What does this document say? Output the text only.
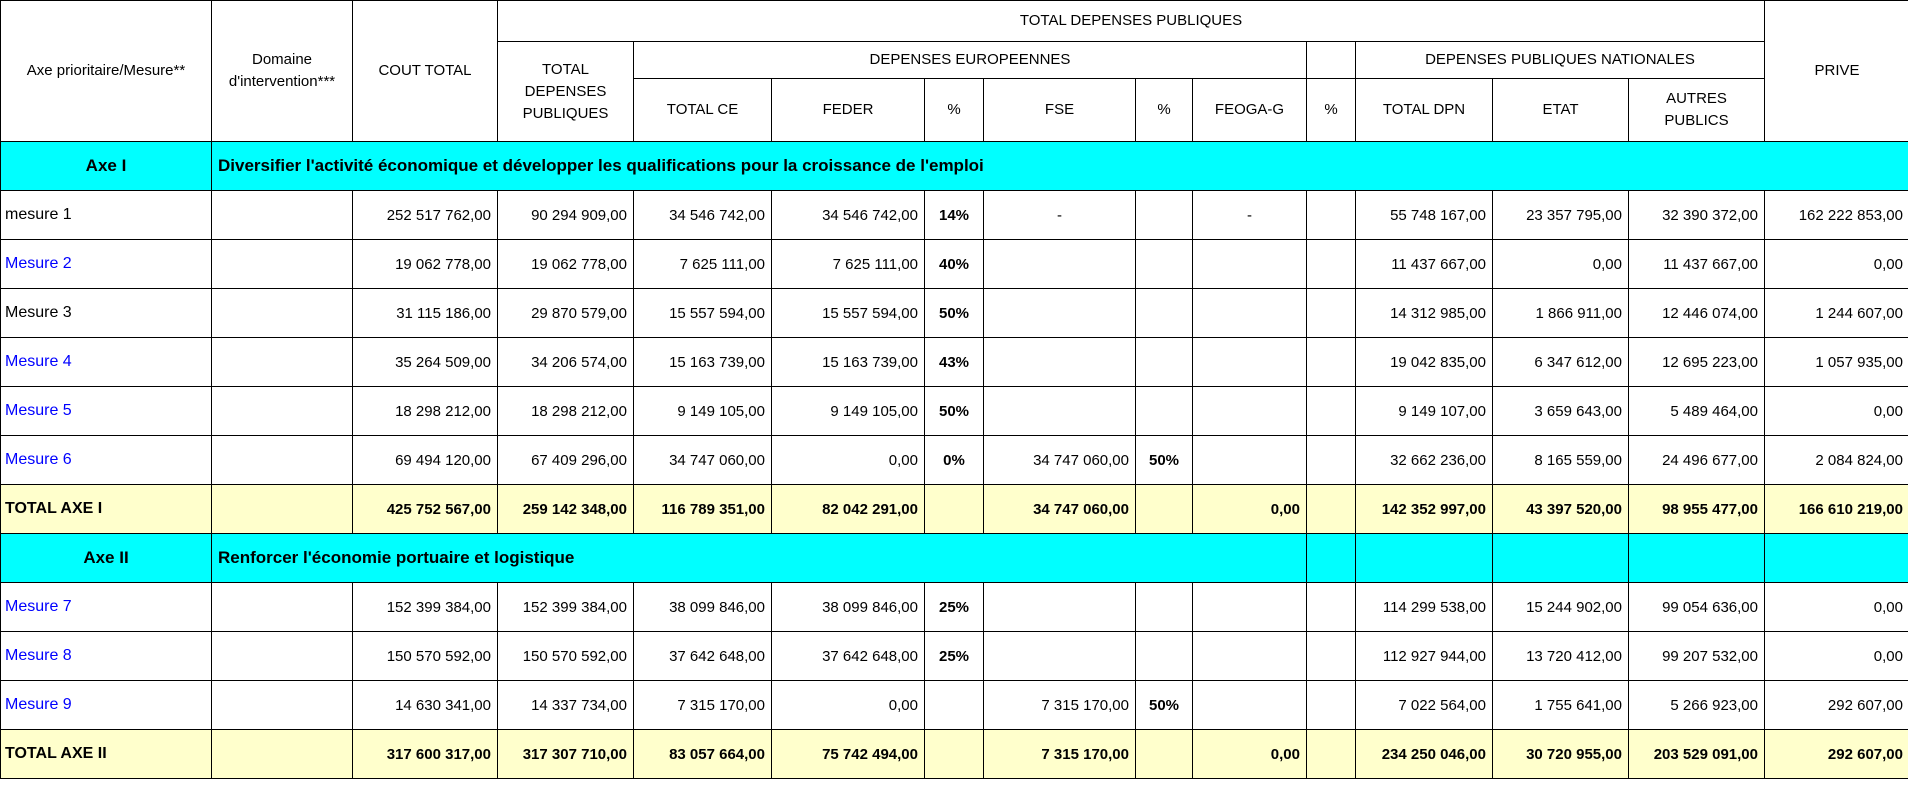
Axe prioritaire/Mesure**	Domaine d'intervention***	COUT TOTAL	TOTAL DEPENSES PUBLIQUES											PRIVE
			TOTAL DEPENSES PUBLIQUES	DEPENSES EUROPEENNES							DEPENSES PUBLIQUES NATIONALES			
				TOTAL CE	FEDER	%	FSE	%	FEOGA-G	%	TOTAL DPN	ETAT	AUTRES PUBLICS	
Axe I	Diversifier l'activité économique et développer les qualifications pour la croissance de l'emploi													
mesure 1		252 517 762,00	90 294 909,00	34 546 742,00	34 546 742,00	14%	-		-		55 748 167,00	23 357 795,00	32 390 372,00	162 222 853,00
Mesure 2		19 062 778,00	19 062 778,00	7 625 111,00	7 625 111,00	40%					11 437 667,00	0,00	11 437 667,00	0,00
Mesure 3		31 115 186,00	29 870 579,00	15 557 594,00	15 557 594,00	50%					14 312 985,00	1 866 911,00	12 446 074,00	1 244 607,00
Mesure 4		35 264 509,00	34 206 574,00	15 163 739,00	15 163 739,00	43%					19 042 835,00	6 347 612,00	12 695 223,00	1 057 935,00
Mesure 5		18 298 212,00	18 298 212,00	9 149 105,00	9 149 105,00	50%					9 149 107,00	3 659 643,00	5 489 464,00	0,00
Mesure 6		69 494 120,00	67 409 296,00	34 747 060,00	0,00	0%	34 747 060,00	50%			32 662 236,00	8 165 559,00	24 496 677,00	2 084 824,00
TOTAL AXE I		425 752 567,00	259 142 348,00	116 789 351,00	82 042 291,00		34 747 060,00		0,00		142 352 997,00	43 397 520,00	98 955 477,00	166 610 219,00
Axe II	Renforcer l'économie portuaire et logistique													
Mesure 7		152 399 384,00	152 399 384,00	38 099 846,00	38 099 846,00	25%					114 299 538,00	15 244 902,00	99 054 636,00	0,00
Mesure 8		150 570 592,00	150 570 592,00	37 642 648,00	37 642 648,00	25%					112 927 944,00	13 720 412,00	99 207 532,00	0,00
Mesure 9		14 630 341,00	14 337 734,00	7 315 170,00	0,00		7 315 170,00	50%			7 022 564,00	1 755 641,00	5 266 923,00	292 607,00
TOTAL AXE II		317 600 317,00	317 307 710,00	83 057 664,00	75 742 494,00		7 315 170,00		0,00		234 250 046,00	30 720 955,00	203 529 091,00	292 607,00
